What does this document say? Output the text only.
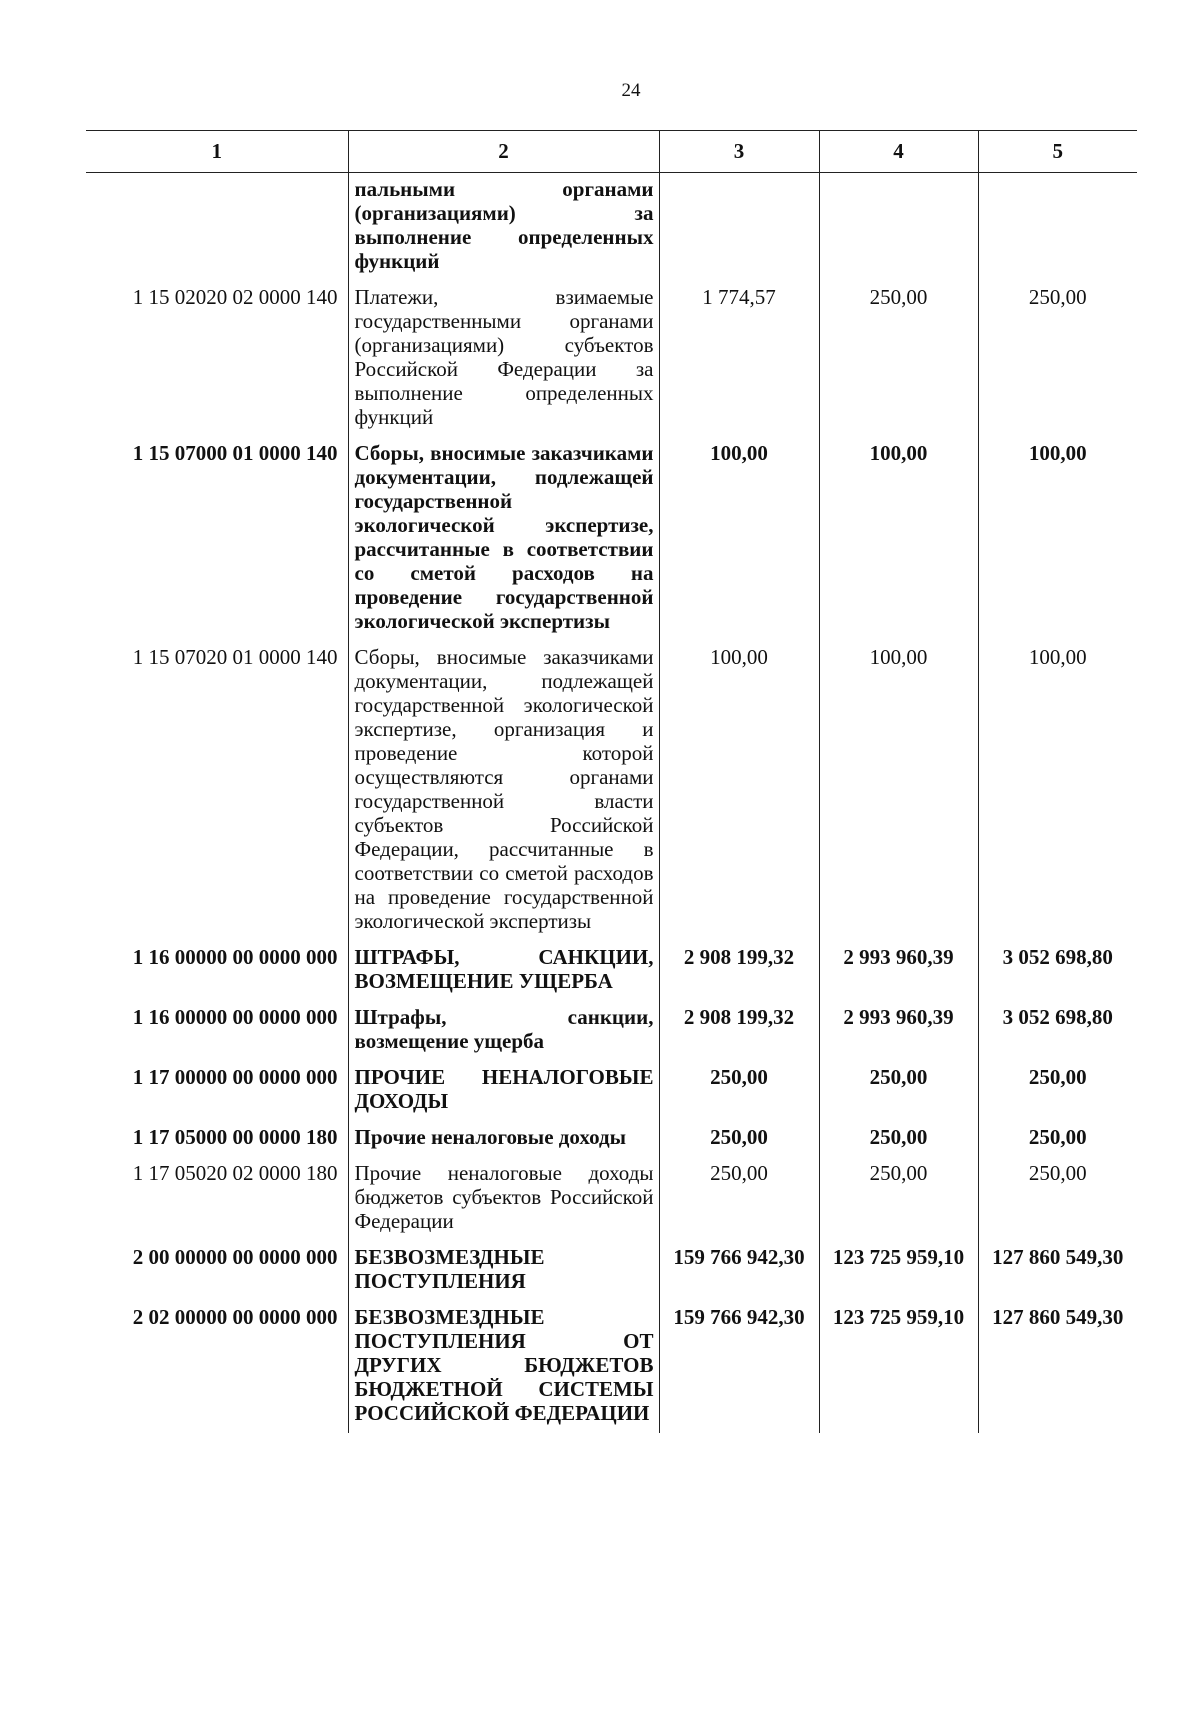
24
1	2	3	4	5
	пальными органами (организациями) за выполнение определенных функций			
1 15 02020 02 0000 140	Платежи, взимаемые государственными органами (организациями) субъектов Российской Федерации за выполнение определенных функций	1 774,57	250,00	250,00
1 15 07000 01 0000 140	Сборы, вносимые заказчиками документации, подлежащей государственной экологической экспертизе, рассчитанные в соответствии со сметой расходов на проведение государственной экологической экспертизы	100,00	100,00	100,00
1 15 07020 01 0000 140	Сборы, вносимые заказчиками документации, подлежащей государственной экологической экспертизе, организация и проведение которой осуществляются органами государственной власти субъектов Российской Федерации, рассчитанные в соответствии со сметой расходов на проведение государственной экологической экспертизы	100,00	100,00	100,00
1 16 00000 00 0000 000	ШТРАФЫ, САНКЦИИ, ВОЗМЕЩЕНИЕ УЩЕРБА	2 908 199,32	2 993 960,39	3 052 698,80
1 16 00000 00 0000 000	Штрафы, санкции, возмещение ущерба	2 908 199,32	2 993 960,39	3 052 698,80
1 17 00000 00 0000 000	ПРОЧИЕ НЕНАЛОГОВЫЕ ДОХОДЫ	250,00	250,00	250,00
1 17 05000 00 0000 180	Прочие неналоговые доходы	250,00	250,00	250,00
1 17 05020 02 0000 180	Прочие неналоговые доходы бюджетов субъектов Российской Федерации	250,00	250,00	250,00
2 00 00000 00 0000 000	БЕЗВОЗМЕЗДНЫЕ ПОСТУПЛЕНИЯ	159 766 942,30	123 725 959,10	127 860 549,30
2 02 00000 00 0000 000	БЕЗВОЗМЕЗДНЫЕ ПОСТУПЛЕНИЯ ОТ ДРУГИХ БЮДЖЕТОВ БЮДЖЕТНОЙ СИСТЕМЫ РОССИЙСКОЙ ФЕДЕРАЦИИ	159 766 942,30	123 725 959,10	127 860 549,30
